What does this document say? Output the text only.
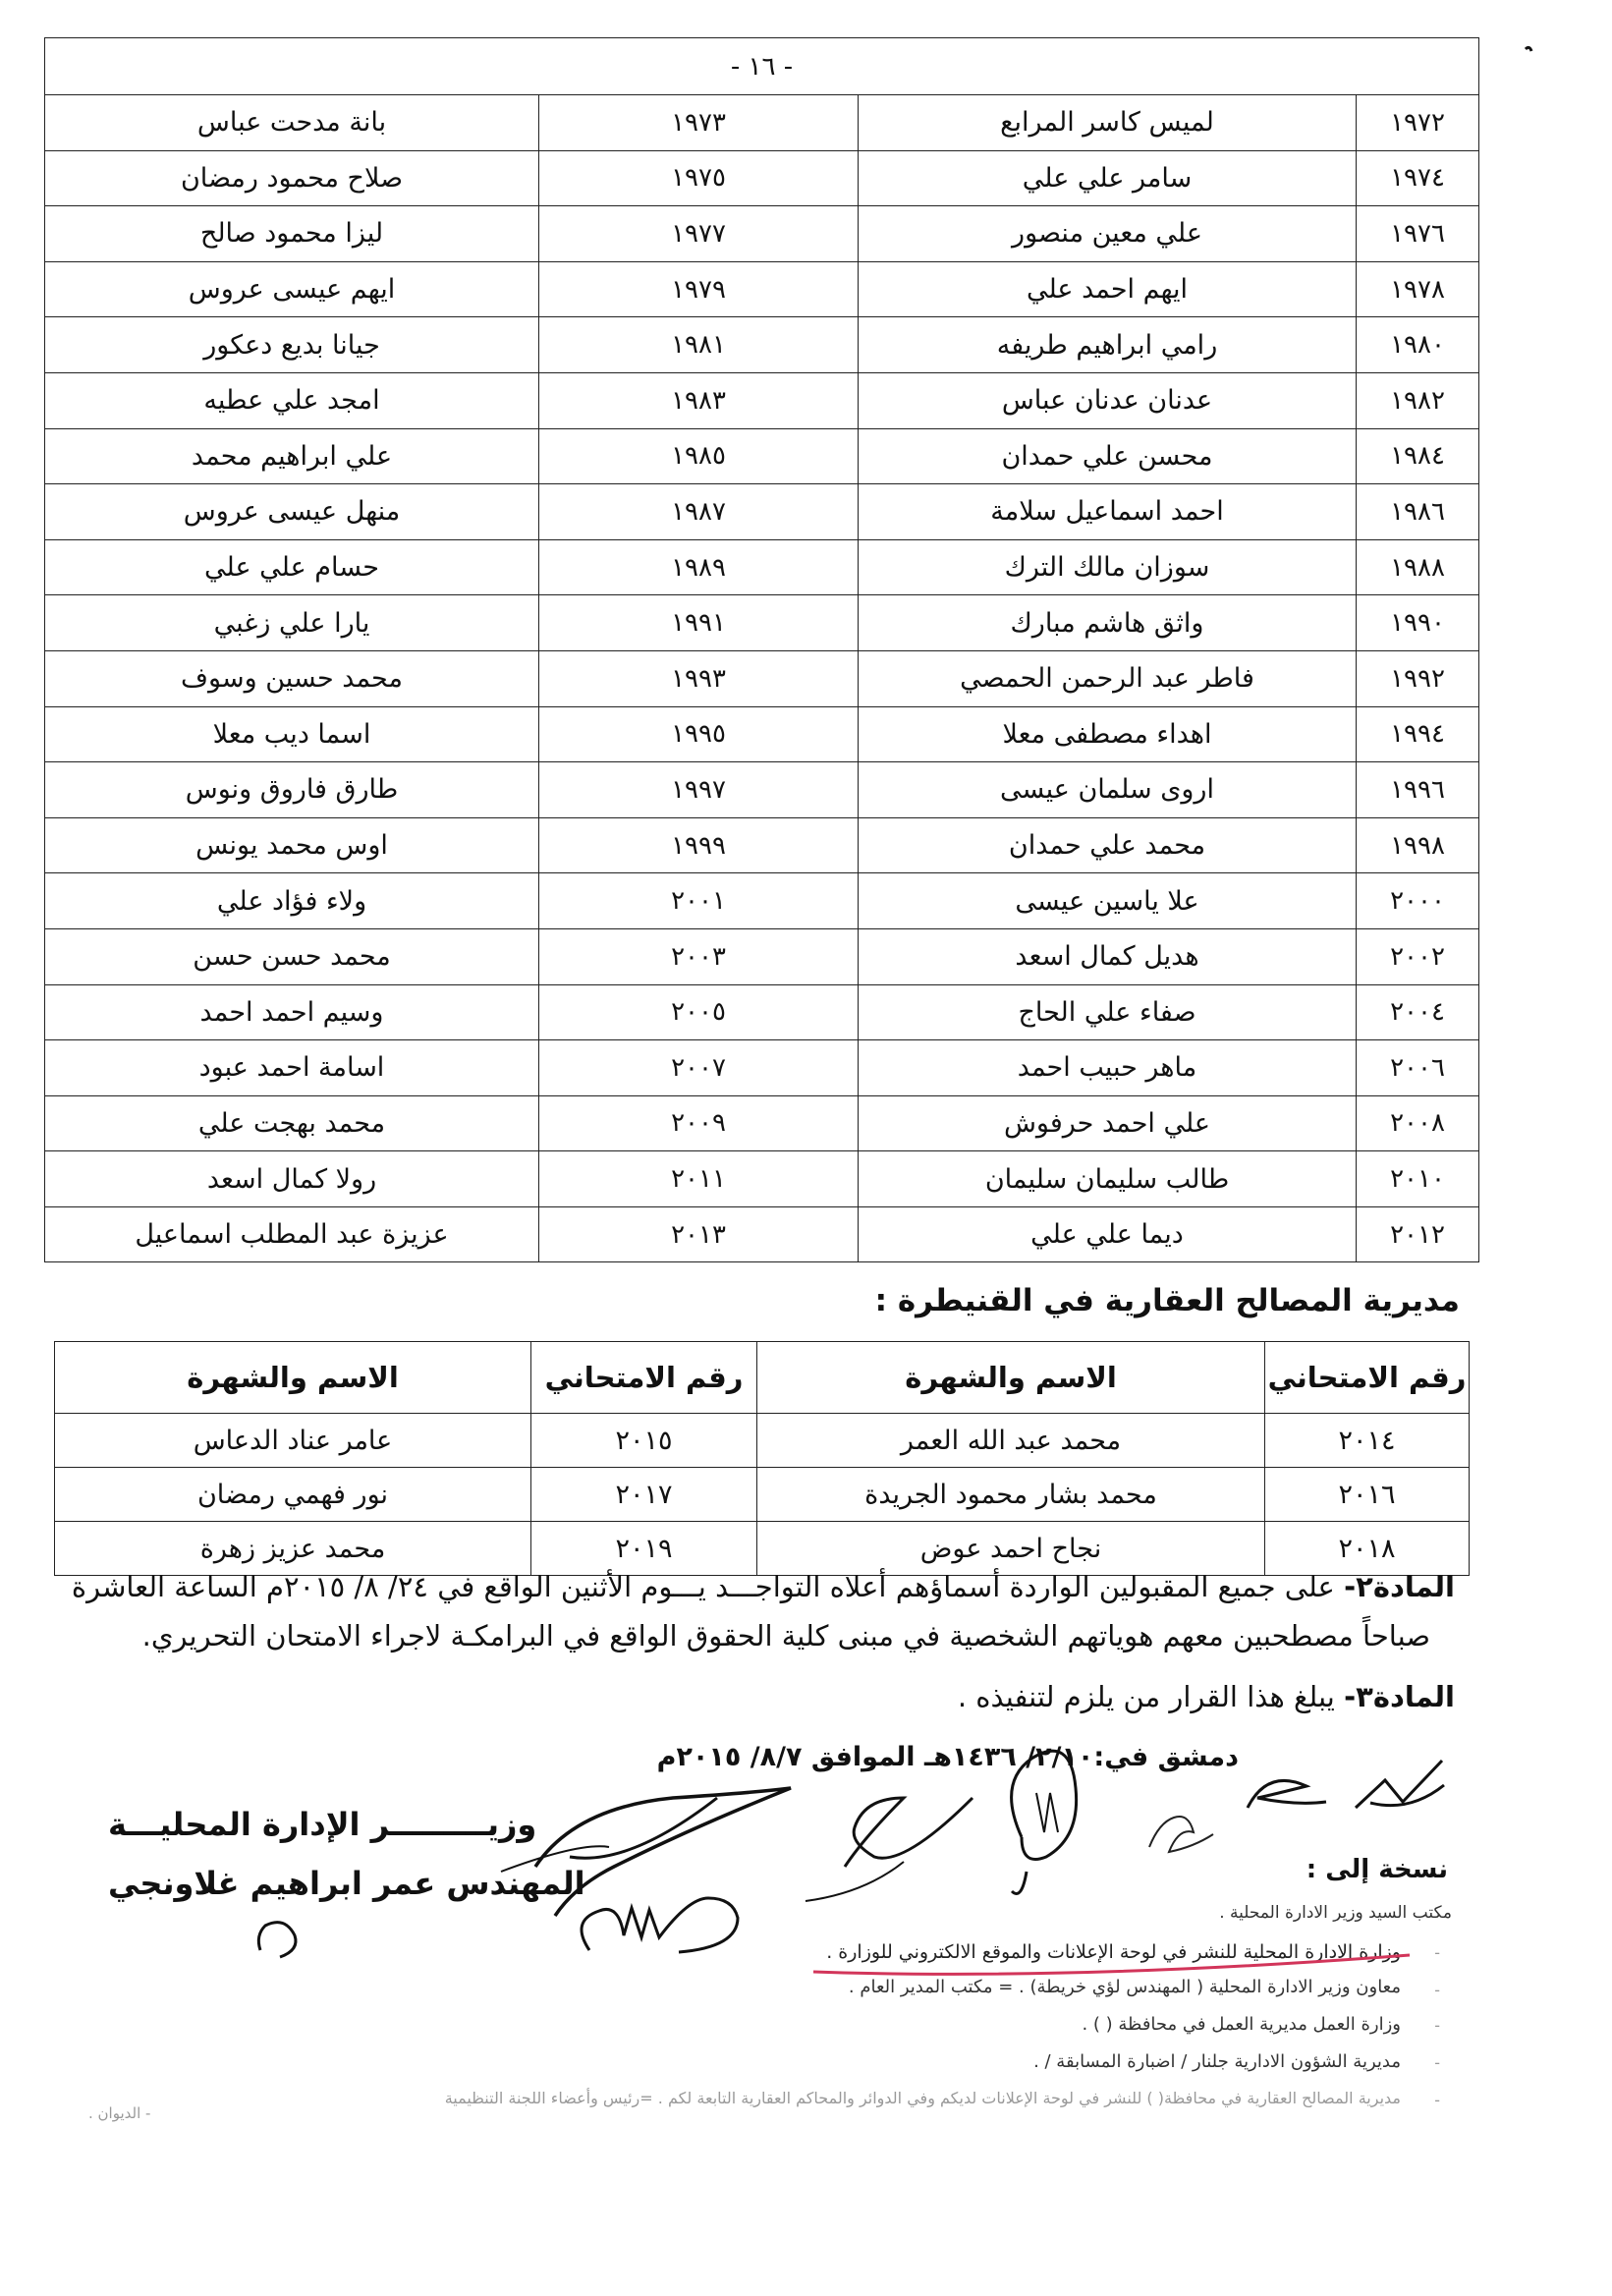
- ١٦ -			
بانة مدحت عباس	١٩٧٣	لميس كاسر المرابع	١٩٧٢
صلاح محمود رمضان	١٩٧٥	سامر علي علي	١٩٧٤
ليزا محمود صالح	١٩٧٧	علي معين منصور	١٩٧٦
ايهم عيسى عروس	١٩٧٩	ايهم احمد علي	١٩٧٨
جيانا بديع دعكور	١٩٨١	رامي ابراهيم طريفه	١٩٨٠
امجد علي عطيه	١٩٨٣	عدنان عدنان عباس	١٩٨٢
علي ابراهيم محمد	١٩٨٥	محسن علي حمدان	١٩٨٤
منهل عيسى عروس	١٩٨٧	احمد اسماعيل سلامة	١٩٨٦
حسام علي علي	١٩٨٩	سوزان مالك الترك	١٩٨٨
يارا علي زغبي	١٩٩١	واثق هاشم مبارك	١٩٩٠
محمد حسين وسوف	١٩٩٣	فاطر عبد الرحمن الحمصي	١٩٩٢
اسما ديب معلا	١٩٩٥	اهداء مصطفى معلا	١٩٩٤
طارق فاروق ونوس	١٩٩٧	اروى سلمان عيسى	١٩٩٦
اوس محمد يونس	١٩٩٩	محمد علي حمدان	١٩٩٨
ولاء فؤاد علي	٢٠٠١	علا ياسين عيسى	٢٠٠٠
محمد حسن حسن	٢٠٠٣	هديل كمال اسعد	٢٠٠٢
وسيم احمد احمد	٢٠٠٥	صفاء علي الحاج	٢٠٠٤
اسامة احمد عبود	٢٠٠٧	ماهر حبيب احمد	٢٠٠٦
محمد بهجت علي	٢٠٠٩	علي احمد حرفوش	٢٠٠٨
رولا كمال اسعد	٢٠١١	طالب سليمان سليمان	٢٠١٠
عزيزة عبد المطلب اسماعيل	٢٠١٣	ديما علي علي	٢٠١٢
مديرية المصالح العقارية في القنيطرة :
الاسم والشهرة	رقم الامتحاني	الاسم والشهرة	رقم الامتحاني
عامر عناد الدعاس	٢٠١٥	محمد عبد الله العمر	٢٠١٤
نور فهمي رمضان	٢٠١٧	محمد بشار محمود الجريدة	٢٠١٦
محمد عزيز زهرة	٢٠١٩	نجاح احمد عوض	٢٠١٨
المادة٢- على جميع المقبولين الواردة أسماؤهم أعلاه التواجـــد يـــوم الأثنين الواقع في ٢٤/ ٨/ ٢٠١٥م الساعة العاشرة
صباحاً مصطحبين معهم هوياتهم الشخصية في مبنى كلية الحقوق الواقع في البرامكـة لاجراء الامتحان التحريري.
المادة٣- يبلغ هذا القرار من يلزم لتنفيذه .
دمشق في:٢/١٠/ ١٤٣٦هـ الموافق ٨/٧/ ٢٠١٥م
وزيـــــــــر الإدارة المحليـــة
المهندس عمر ابراهيم غلاونجي	نسخة إلى :
مكتب السيد وزير الادارة المحلية .
وزارة الادارة المحلية للنشر في لوحة الإعلانات والموقع الالكتروني للوزارة .
معاون وزير الادارة المحلية ( المهندس لؤي خريطة) . = مكتب المدير العام .
وزارة العمل مديرية العمل في محافظة ( ) .
مديرية الشؤون الادارية جلنار / اضبارة المسابقة / .
مديرية المصالح العقارية في محافظة( ) للنشر في لوحة الإعلانات لديكم وفي الدوائر والمحاكم العقارية التابعة لكم . =رئيس وأعضاء اللجنة التنظيمية
- الديوان .
-
-
-
-
-
